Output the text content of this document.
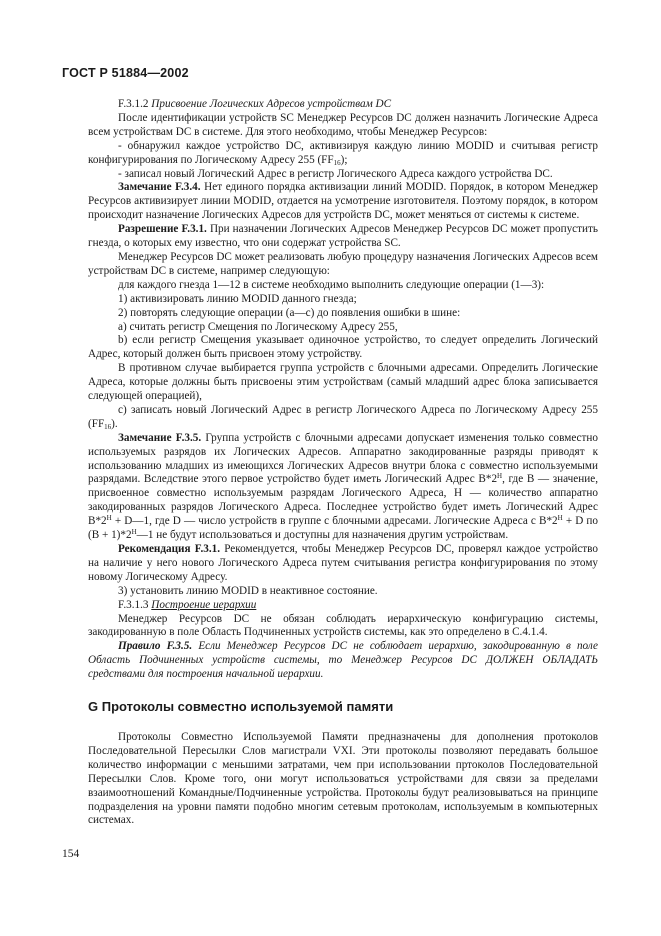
ГОСТ Р 51884—2002

F.3.1.2 Присвоение Логических Адресов устройствам DC

После идентификации устройств SC Менеджер Ресурсов DC должен назначить Логические Адреса всем устройствам DC в системе. Для этого необходимо, чтобы Менеджер Ресурсов:

- обнаружил каждое устройство DC, активизируя каждую линию MODID и считывая регистр конфигурирования по Логическому Адресу 255 $(FF_{16})$;

- записал новый Логический Адрес в регистр Логического Адреса каждого устройства DC.

Замечание F.3.4. Нет единого порядка активизации линий MODID. Порядок, в котором Менеджер Ресурсов активизирует линии MODID, отдается на усмотрение изготовителя. Поэтому порядок, в котором происходит назначение Логических Адресов для устройств DC, может меняться от системы к системе.

Разрешение F.3.1. При назначении Логических Адресов Менеджер Ресурсов DC может пропустить гнезда, о которых ему известно, что они содержат устройства SC.

Менеджер Ресурсов DC может реализовать любую процедуру назначения Логических Адресов всем устройствам DC в системе, например следующую:

для каждого гнезда 1—12 в системе необходимо выполнить следующие операции (1—3):

1) активизировать линию MODID данного гнезда;

2) повторять следующие операции (а—с) до появления ошибки в шине:

а) считать регистр Смещения по Логическому Адресу 255,

b) если регистр Смещения указывает одиночное устройство, то следует определить Логический Адрес, который должен быть присвоен этому устройству.

В противном случае выбирается группа устройств с блочными адресами. Определить Логические Адреса, которые должны быть присвоены этим устройствам (самый младший адрес блока записывается следующей операцией),

с) записать новый Логический Адрес в регистр Логического Адреса по Логическому Адресу 255 $(FF_{16})$.

Замечание F.3.5. Группа устройств с блочными адресами допускает изменения только совместно используемых разрядов их Логических Адресов. Аппаратно закодированные разряды приводят к использованию младших из имеющихся Логических Адресов внутри блока с совместно используемыми разрядами. Вследствие этого первое устройство будет иметь Логический Адрес $В*2^Н$, где В — значение, присвоенное совместно используемым разрядам Логического Адреса, Н — количество аппаратно закодированных разрядов Логического Адреса. Последнее устройство будет иметь Логический Адрес $В*2^Н$ + D—1, где D — число устройств в группе с блочными адресами. Логические Адреса с $В*2^Н + D$ по $(В + 1)*2^Н—1$ не будут использоваться и доступны для назначения другим устройствам.

Рекомендация F.3.1. Рекомендуется, чтобы Менеджер Ресурсов DC, проверял каждое устройство на наличие у него нового Логического Адреса путем считывания регистра конфигурирования по этому новому Логическому Адресу.

3) установить линию MODID в неактивное состояние.

F.3.1.3 Построение иерархии

Менеджер Ресурсов DC не обязан соблюдать иерархическую конфигурацию системы, закодированную в поле Область Подчиненных устройств системы, как это определено в С.4.1.4.

Правило F.3.5. Если Менеджер Ресурсов DC не соблюдает иерархию, закодированную в поле Область Подчиненных устройств системы, то Менеджер Ресурсов DC ДОЛЖЕН ОБЛАДАТЬ средствами для построения начальной иерархии.

G Протоколы совместно используемой памяти

Протоколы Совместно Используемой Памяти предназначены для дополнения протоколов Последовательной Пересылки Слов магистрали VXI. Эти протоколы позволяют передавать большое количество информации с меньшими затратами, чем при использовании пртоколов Последовательной Пересылки Слов. Кроме того, они могут использоваться устройствами для связи за пределами взаимоотношений Командные/Подчиненные устройства. Протоколы будут реализовываться на принципе подразделения на уровни памяти подобно многим сетевым протоколам, используемым в компьютерных системах.

154
